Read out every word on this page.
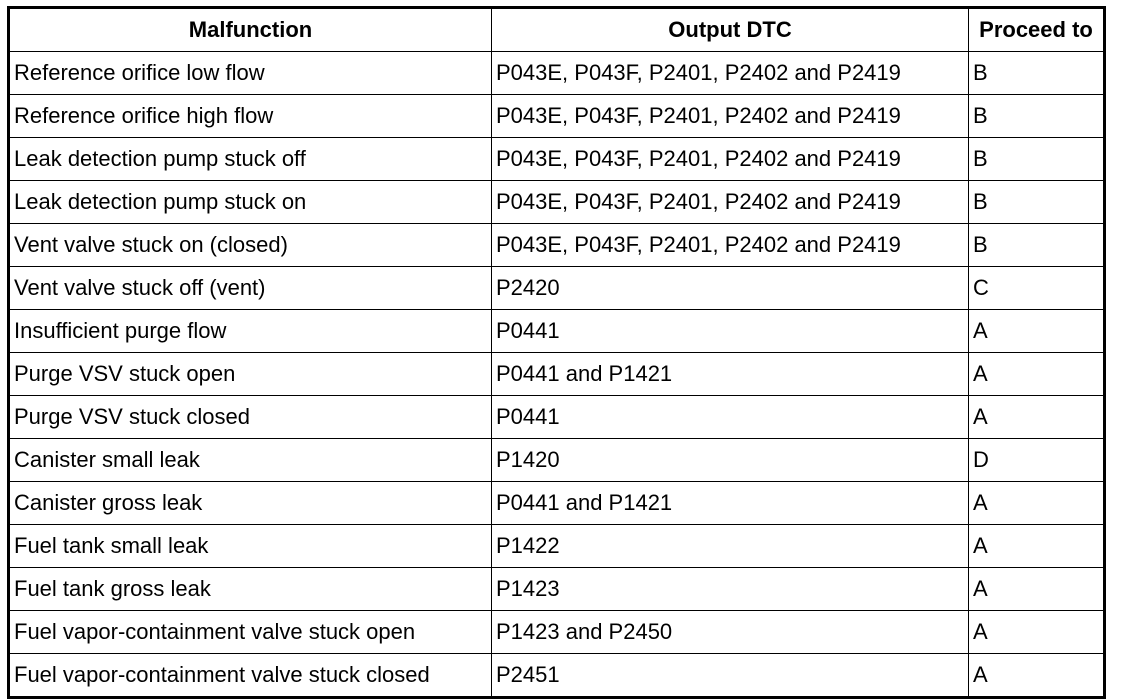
Malfunction	Output DTC	Proceed to
Reference orifice low flow	P043E, P043F, P2401, P2402 and P2419	B
Reference orifice high flow	P043E, P043F, P2401, P2402 and P2419	B
Leak detection pump stuck off	P043E, P043F, P2401, P2402 and P2419	B
Leak detection pump stuck on	P043E, P043F, P2401, P2402 and P2419	B
Vent valve stuck on (closed)	P043E, P043F, P2401, P2402 and P2419	B
Vent valve stuck off (vent)	P2420	C
Insufficient purge flow	P0441	A
Purge VSV stuck open	P0441 and P1421	A
Purge VSV stuck closed	P0441	A
Canister small leak	P1420	D
Canister gross leak	P0441 and P1421	A
Fuel tank small leak	P1422	A
Fuel tank gross leak	P1423	A
Fuel vapor-containment valve stuck open	P1423 and P2450	A
Fuel vapor-containment valve stuck closed	P2451	A
